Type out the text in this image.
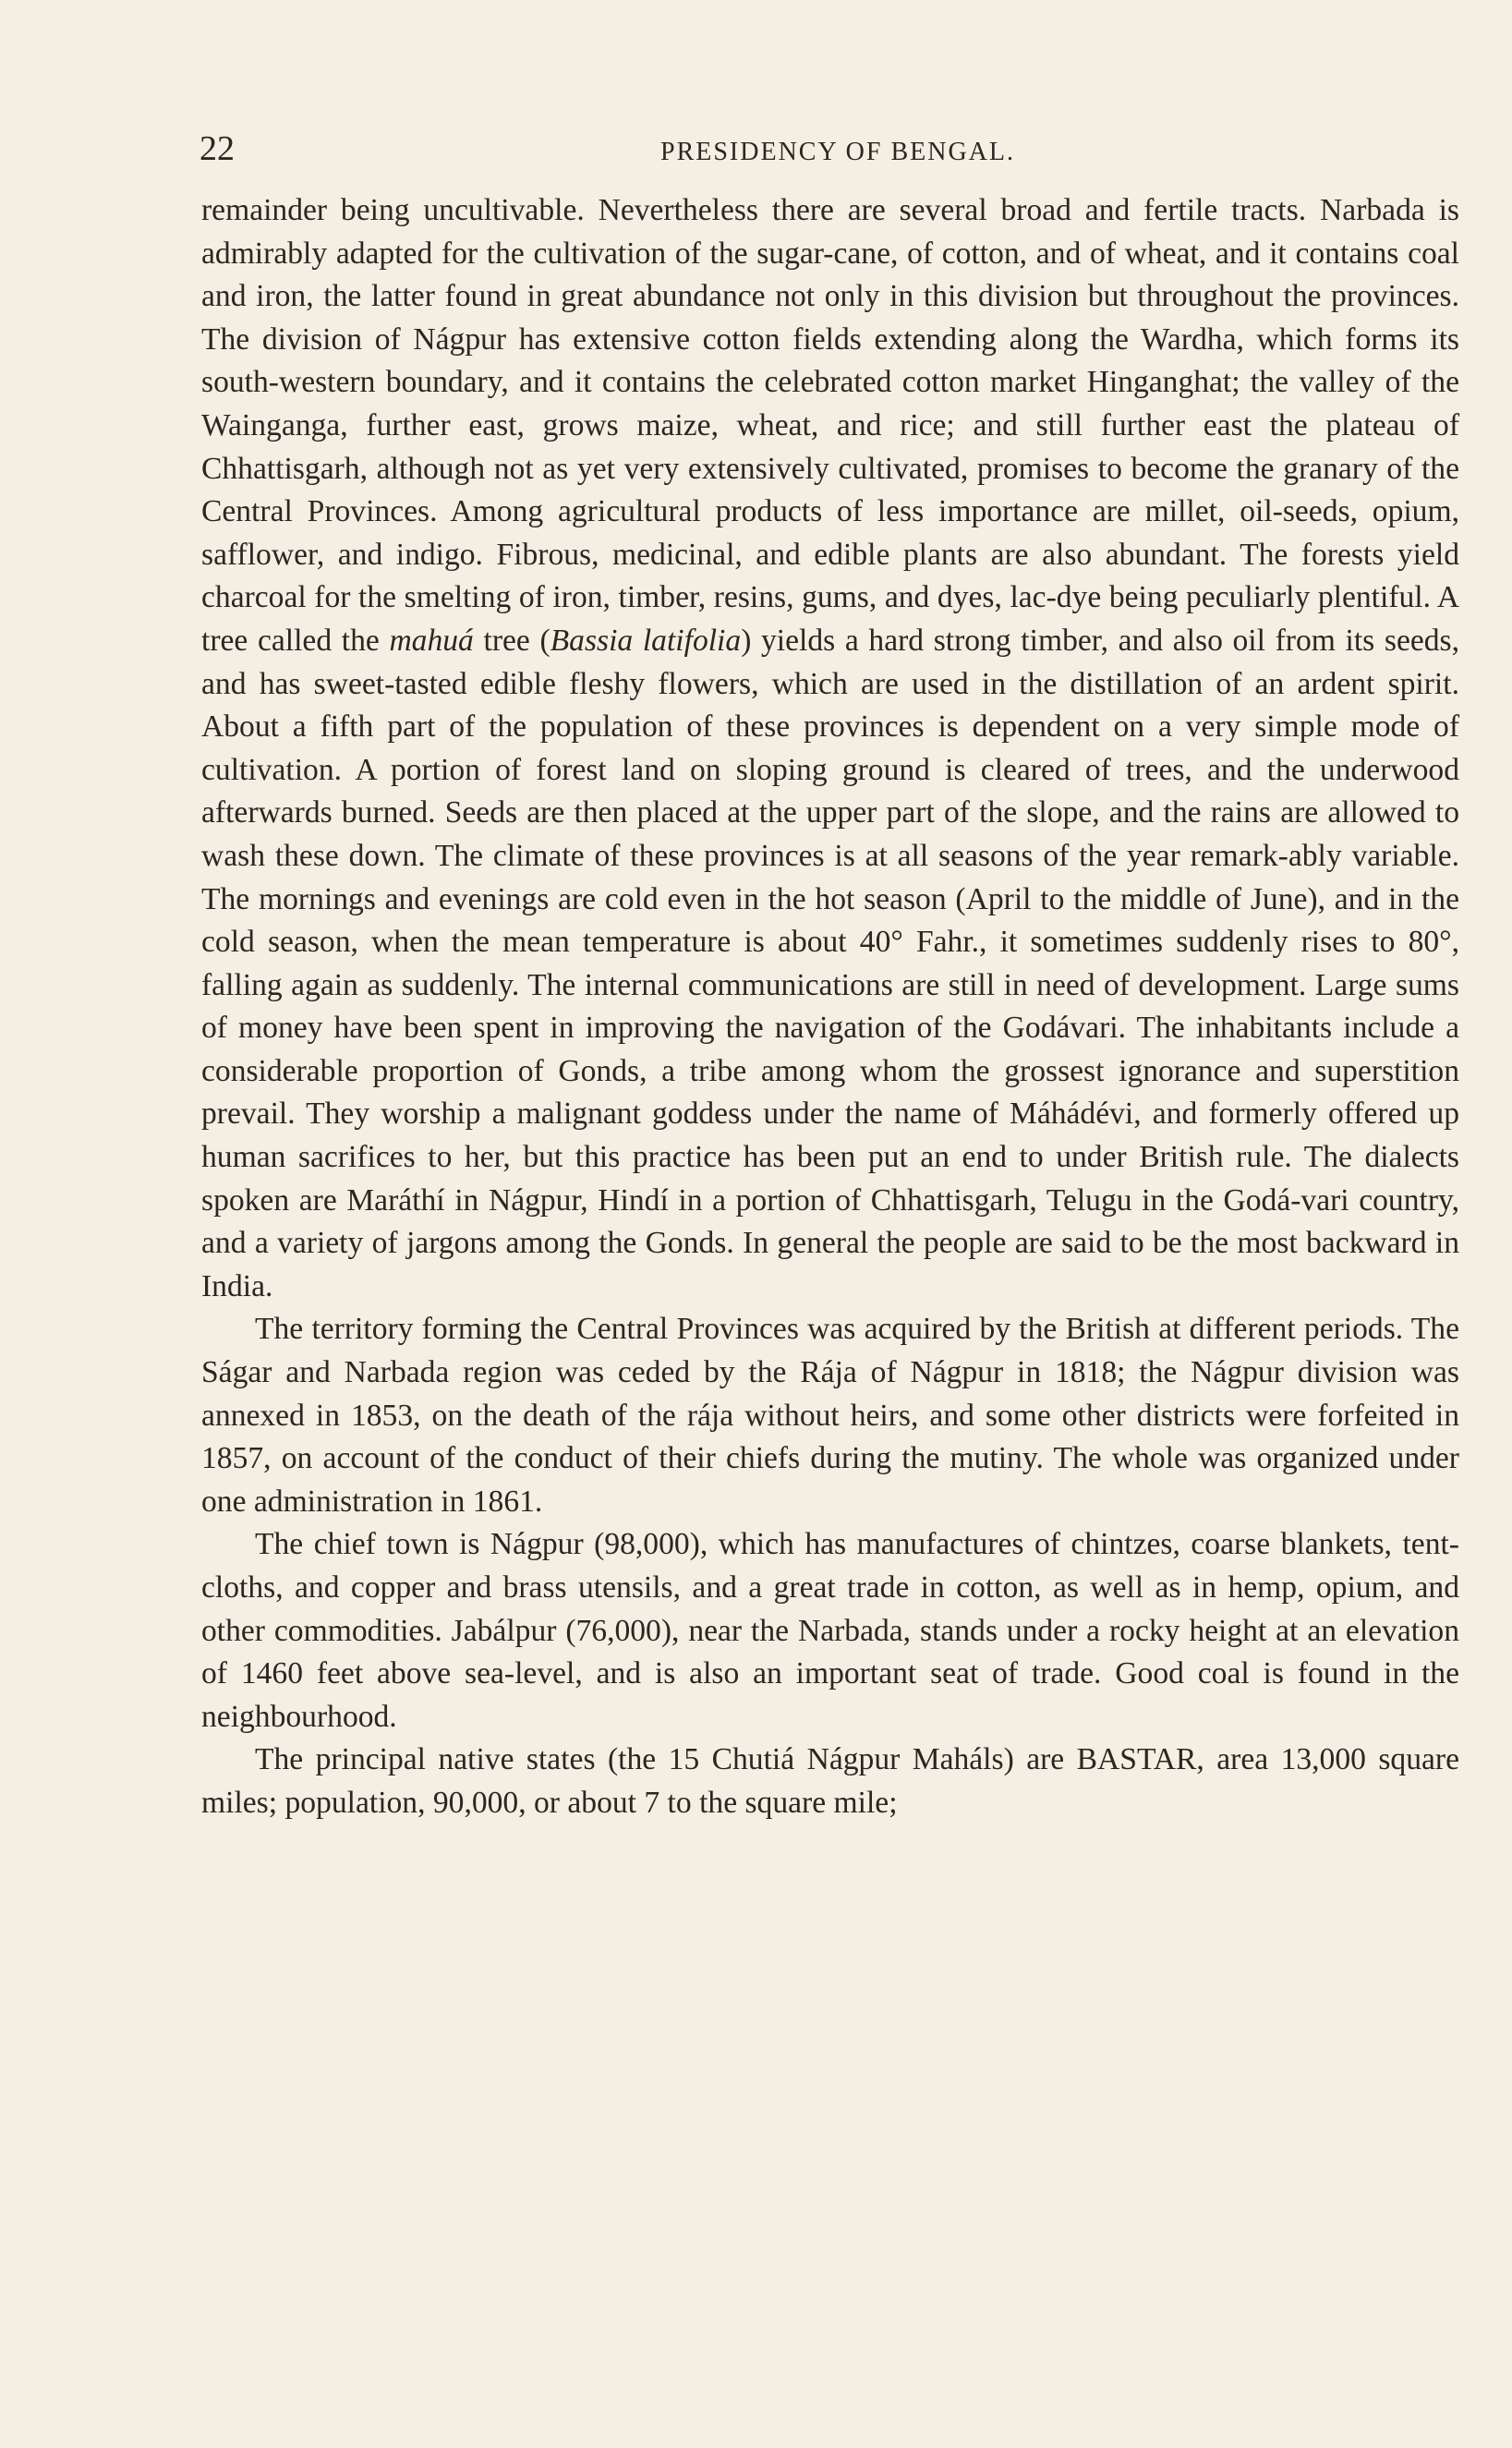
22	PRESIDENCY OF BENGAL.

remainder being uncultivable. Nevertheless there are several broad and fertile tracts. Narbada is admirably adapted for the cultivation of the sugar-cane, of cotton, and of wheat, and it contains coal and iron, the latter found in great abundance not only in this division but throughout the provinces. The division of Nágpur has extensive cotton fields extending along the Wardha, which forms its south-western boundary, and it contains the celebrated cotton market Hinganghat; the valley of the Wainganga, further east, grows maize, wheat, and rice; and still further east the plateau of Chhattisgarh, although not as yet very extensively cultivated, promises to become the granary of the Central Provinces. Among agricultural products of less importance are millet, oil-seeds, opium, safflower, and indigo. Fibrous, medicinal, and edible plants are also abundant. The forests yield charcoal for the smelting of iron, timber, resins, gums, and dyes, lac-dye being peculiarly plentiful. A tree called the mahuá tree (Bassia latifolia) yields a hard strong timber, and also oil from its seeds, and has sweet-tasted edible fleshy flowers, which are used in the distillation of an ardent spirit. About a fifth part of the population of these provinces is dependent on a very simple mode of cultivation. A portion of forest land on sloping ground is cleared of trees, and the underwood afterwards burned. Seeds are then placed at the upper part of the slope, and the rains are allowed to wash these down. The climate of these provinces is at all seasons of the year remark-ably variable. The mornings and evenings are cold even in the hot season (April to the middle of June), and in the cold season, when the mean temperature is about 40° Fahr., it sometimes suddenly rises to 80°, falling again as suddenly. The internal communications are still in need of development. Large sums of money have been spent in improving the navigation of the Godávari. The inhabitants include a considerable proportion of Gonds, a tribe among whom the grossest ignorance and superstition prevail. They worship a malignant goddess under the name of Máhádévi, and formerly offered up human sacrifices to her, but this practice has been put an end to under British rule. The dialects spoken are Maráthí in Nágpur, Hindí in a portion of Chhattisgarh, Telugu in the Godá-vari country, and a variety of jargons among the Gonds. In general the people are said to be the most backward in India.

The territory forming the Central Provinces was acquired by the British at different periods. The Ságar and Narbada region was ceded by the Rája of Nágpur in 1818; the Nágpur division was annexed in 1853, on the death of the rája without heirs, and some other districts were forfeited in 1857, on account of the conduct of their chiefs during the mutiny. The whole was organized under one administration in 1861.

The chief town is Nágpur (98,000), which has manufactures of chintzes, coarse blankets, tent-cloths, and copper and brass utensils, and a great trade in cotton, as well as in hemp, opium, and other commodities. Jabálpur (76,000), near the Narbada, stands under a rocky height at an elevation of 1460 feet above sea-level, and is also an important seat of trade. Good coal is found in the neighbourhood.

The principal native states (the 15 Chutiá Nágpur Maháls) are BASTAR, area 13,000 square miles; population, 90,000, or about 7 to the square mile;
